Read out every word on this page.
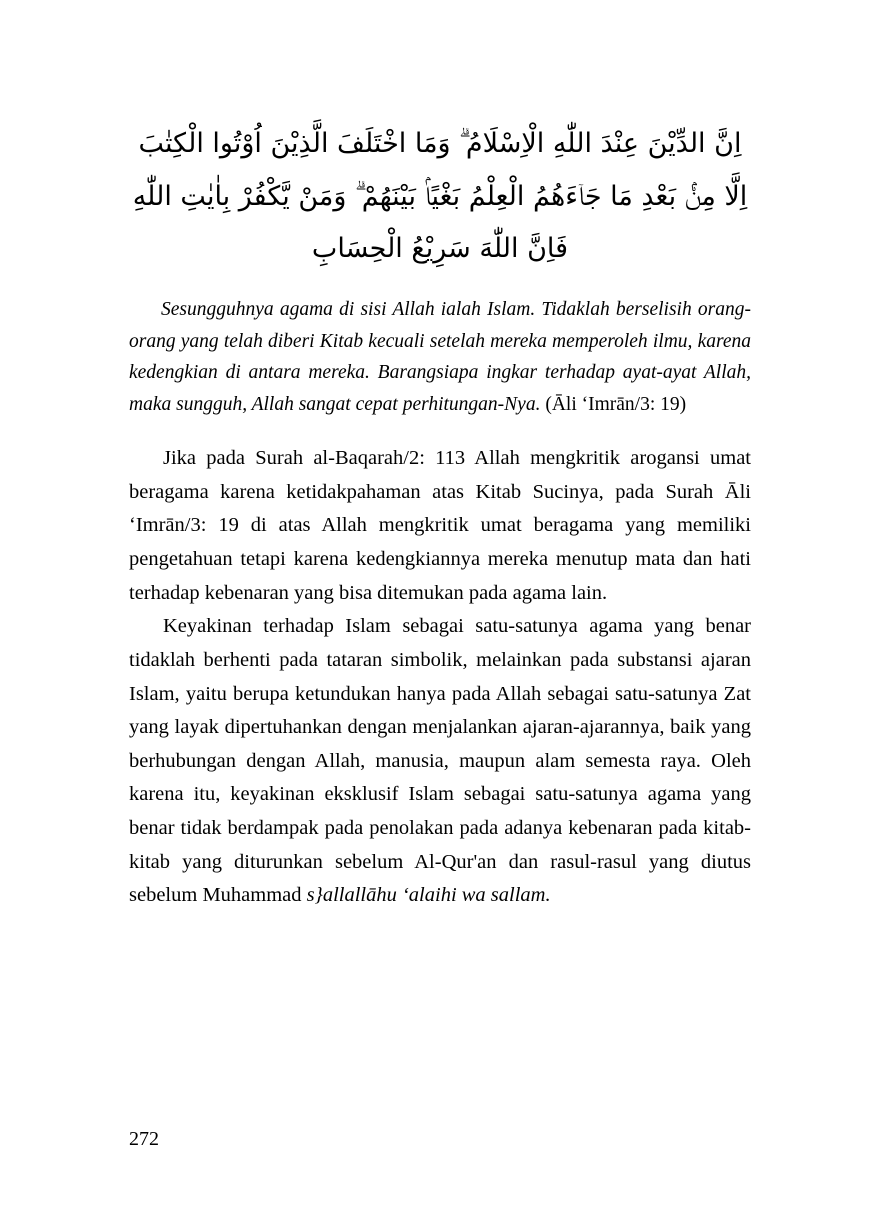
اِنَّ الدِّيْنَ عِنْدَ اللّٰهِ الْاِسْلَامُ ۗ وَمَا اخْتَلَفَ الَّذِيْنَ اُوْتُوا الْكِتٰبَ
اِلَّا مِنْۢ بَعْدِ مَا جَاۤءَهُمُ الْعِلْمُ بَغْيًاۢ بَيْنَهُمْ ۗ وَمَنْ يَّكْفُرْ بِاٰيٰتِ اللّٰهِ
فَاِنَّ اللّٰهَ سَرِيْعُ الْحِسَابِ

Sesungguhnya agama di sisi Allah ialah Islam. Tidaklah berselisih orang-orang yang telah diberi Kitab kecuali setelah mereka memperoleh ilmu, karena kedengkian di antara mereka. Barangsiapa ingkar terhadap ayat-ayat Allah, maka sungguh, Allah sangat cepat perhitungan-Nya. (Āli ‘Imrān/3: 19)

Jika pada Surah al-Baqarah/2: 113 Allah mengkritik arogansi umat beragama karena ketidakpahaman atas Kitab Sucinya, pada Surah Āli ‘Imrān/3: 19 di atas Allah mengkritik umat beragama yang memiliki pengetahuan tetapi karena kedengkiannya mereka menutup mata dan hati terhadap kebenaran yang bisa ditemukan pada agama lain.

Keyakinan terhadap Islam sebagai satu-satunya agama yang benar tidaklah berhenti pada tataran simbolik, melainkan pada substansi ajaran Islam, yaitu berupa ketundukan hanya pada Allah sebagai satu-satunya Zat yang layak dipertuhankan dengan menjalankan ajaran-ajarannya, baik yang berhubungan dengan Allah, manusia, maupun alam semesta raya. Oleh karena itu, keyakinan eksklusif Islam sebagai satu-satunya agama yang benar tidak berdampak pada penolakan pada adanya kebenaran pada kitab-kitab yang diturunkan sebelum Al-Qur'an dan rasul-rasul yang diutus sebelum Muhammad s}allallāhu ‘alaihi wa sallam.

272
